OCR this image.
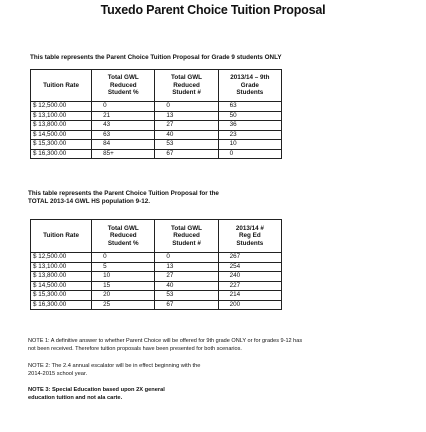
Tuxedo Parent Choice Tuition Proposal
This table represents the Parent Choice Tuition Proposal for Grade 9 students ONLY
Tuition Rate	Total GWL
Reduced
Student %	Total GWL
Reduced
Student #	2013/14 – 9th
Grade
Students

$ 12,500.00	0	0	63
$ 13,100.00	21	13	50
$ 13,800.00	43	27	36
$ 14,500.00	63	40	23
$ 15,300.00	84	53	10
$ 16,300.00	85+	67	0
This table represents the Parent Choice Tuition Proposal for the
TOTAL 2013-14 GWL HS population 9-12.
Tuition Rate	Total GWL
Reduced
Student %	Total GWL
Reduced
Student #	2013/14 #
Reg Ed
Students

$ 12,500.00	0	0	267
$ 13,100.00	5	13	254
$ 13,800.00	10	27	240
$ 14,500.00	15	40	227
$ 15,300.00	20	53	214
$ 16,300.00	25	67	200
NOTE 1: A definitive answer to whether Parent Choice will be offered for 9th grade ONLY or for grades 9-12 has
not been received. Therefore tuition proposals have been presented for both scenarios.
NOTE 2: The 2.4 annual escalator will be in effect beginning with the
2014-2015 school year.
NOTE 3: Special Education based upon 2X general
education tuition and not ala carte.
